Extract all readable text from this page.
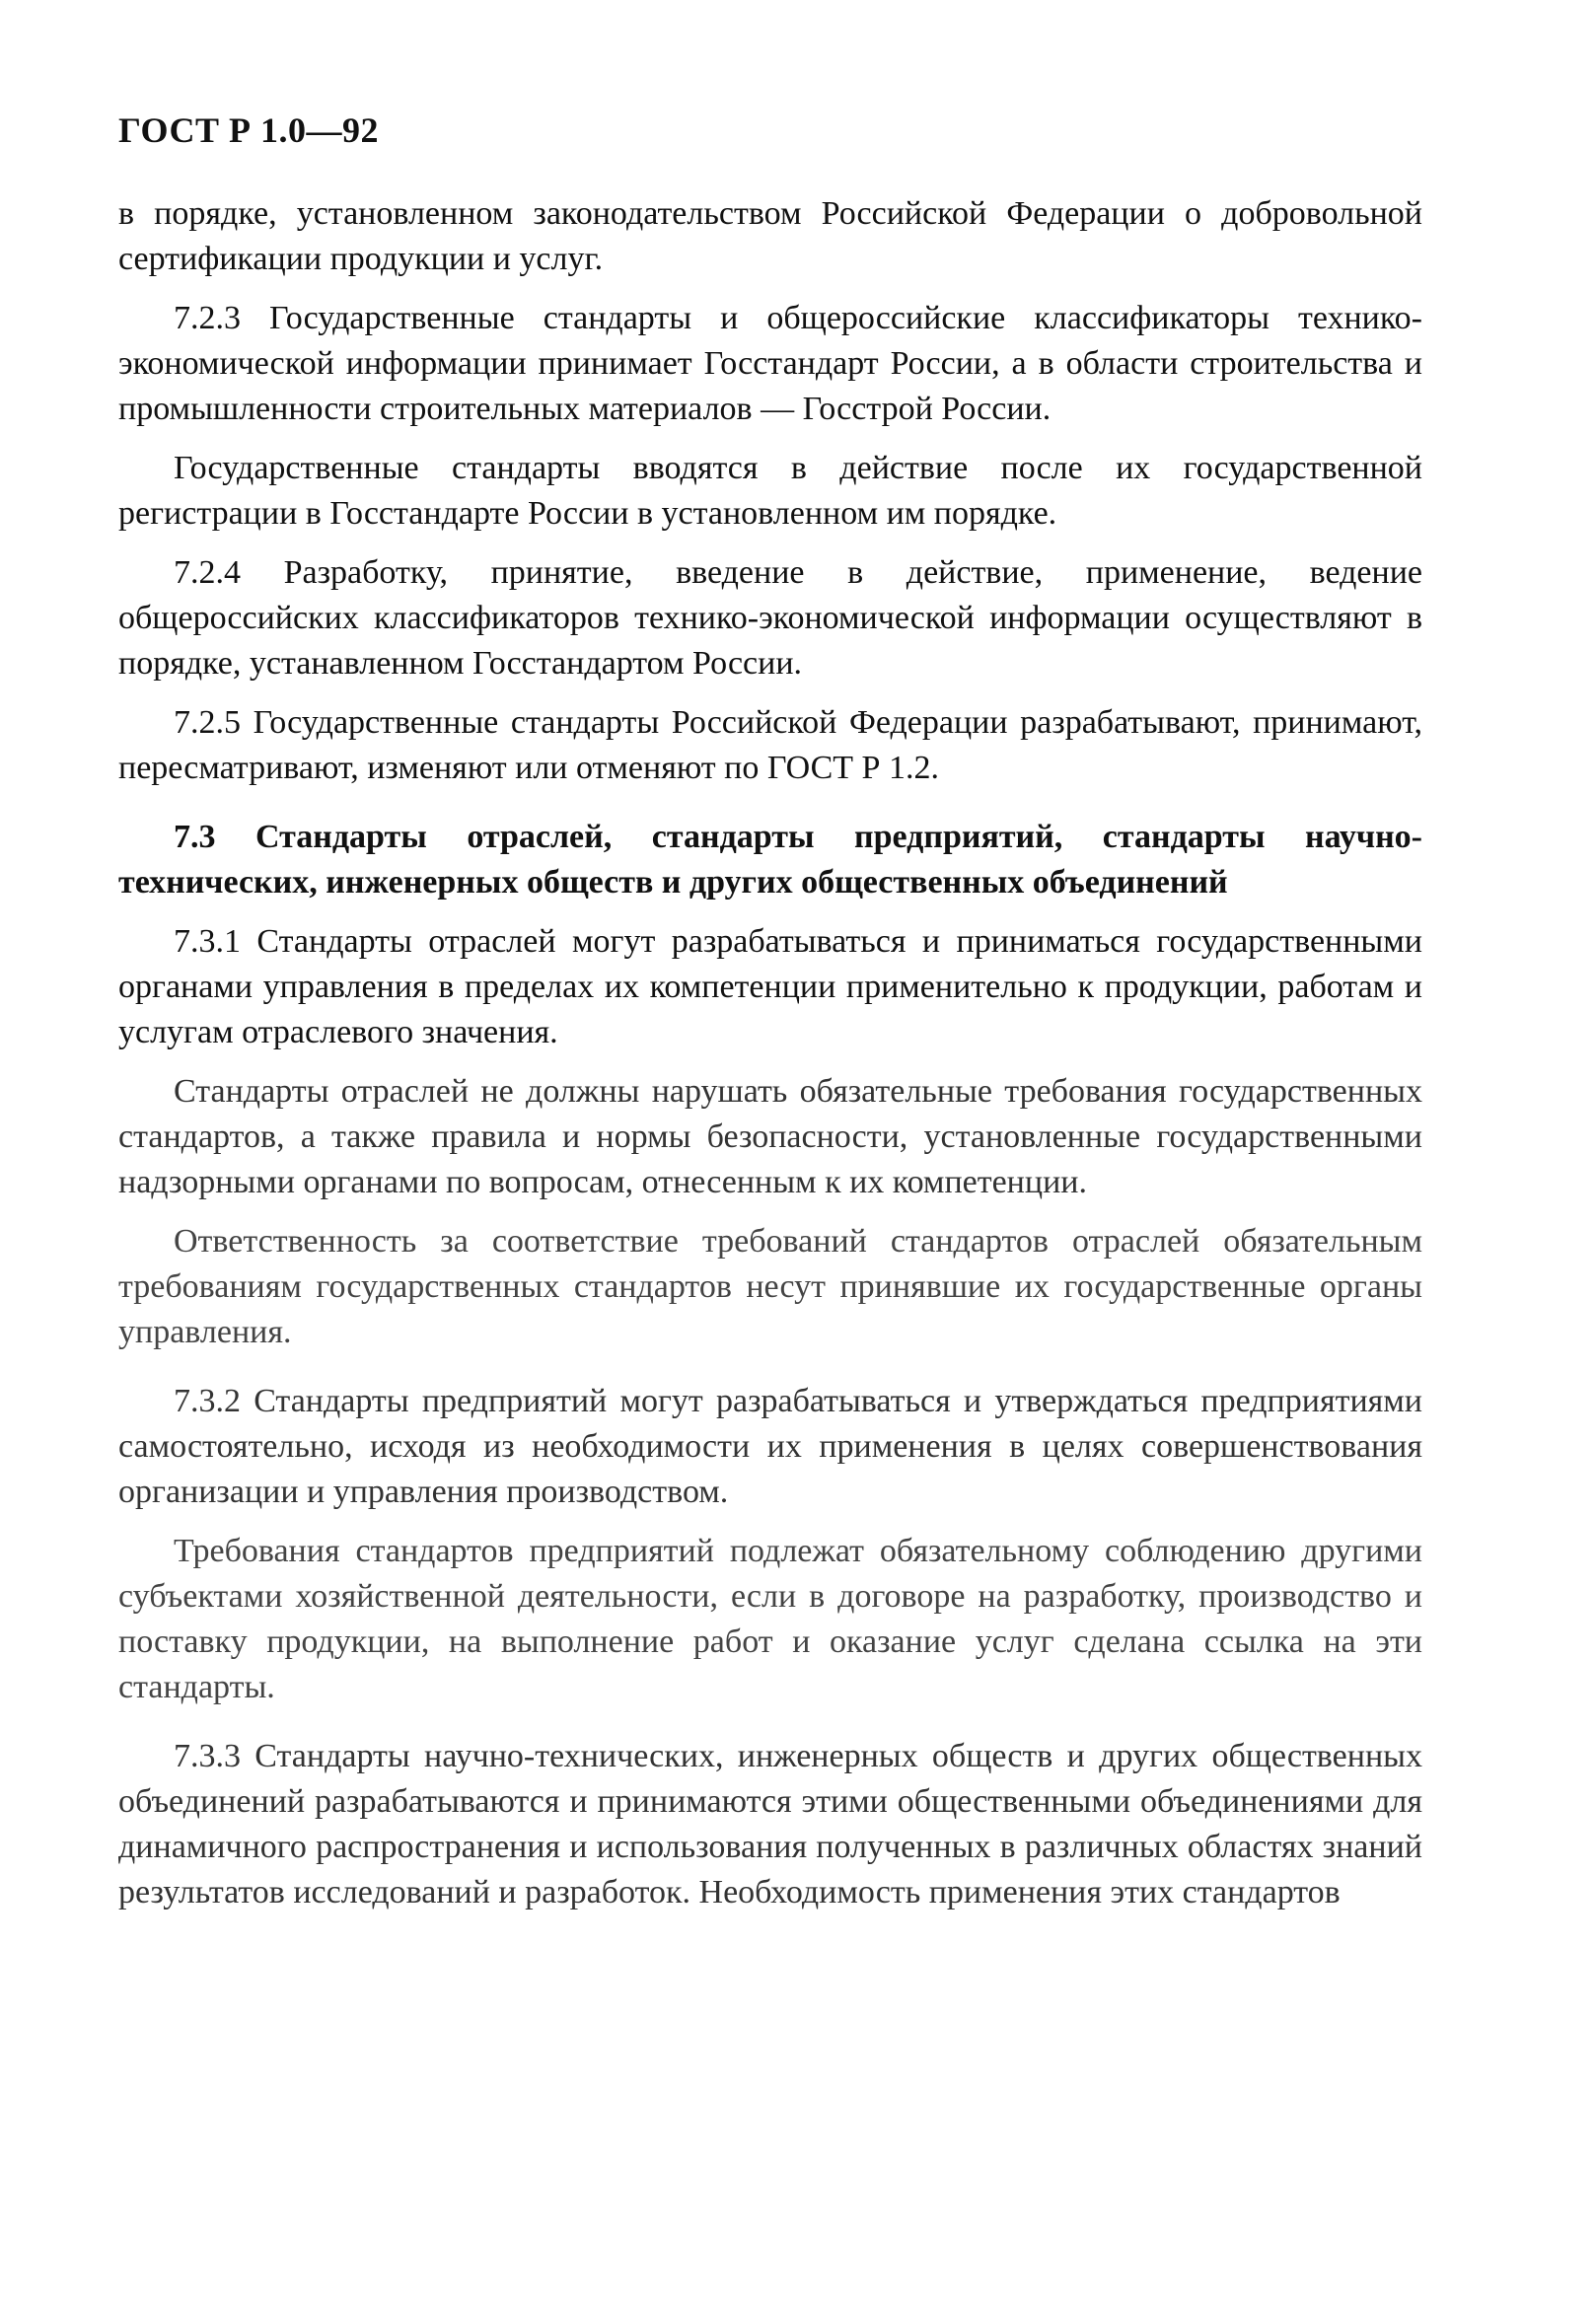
ГОСТ Р 1.0—92

в порядке, установленном законодательством Российской Федерации о добровольной сертификации продукции и услуг.

7.2.3 Государственные стандарты и общероссийские классификаторы технико-экономической информации принимает Госстандарт России, а в области строительства и промышленности строительных материалов — Госстрой России.

Государственные стандарты вводятся в действие после их государственной регистрации в Госстандарте России в установленном им порядке.

7.2.4 Разработку, принятие, введение в действие, применение, ведение общероссийских классификаторов технико-экономической информации осуществляют в порядке, устанавленном Госстандартом России.

7.2.5 Государственные стандарты Российской Федерации разрабатывают, принимают, пересматривают, изменяют или отменяют по ГОСТ Р 1.2.

7.3 Стандарты отраслей, стандарты предприятий, стандарты научно-технических, инженерных обществ и других общественных объединений

7.3.1 Стандарты отраслей могут разрабатываться и приниматься государственными органами управления в пределах их компетенции применительно к продукции, работам и услугам отраслевого значения.

Стандарты отраслей не должны нарушать обязательные требования государственных стандартов, а также правила и нормы безопасности, установленные государственными надзорными органами по вопросам, отнесенным к их компетенции.

Ответственность за соответствие требований стандартов отраслей обязательным требованиям государственных стандартов несут принявшие их государственные органы управления.

7.3.2 Стандарты предприятий могут разрабатываться и утверждаться предприятиями самостоятельно, исходя из необходимости их применения в целях совершенствования организации и управления производством.

Требования стандартов предприятий подлежат обязательному соблюдению другими субъектами хозяйственной деятельности, если в договоре на разработку, производство и поставку продукции, на выполнение работ и оказание услуг сделана ссылка на эти стандарты.

7.3.3 Стандарты научно-технических, инженерных обществ и других общественных объединений разрабатываются и принимаются этими общественными объединениями для динамичного распространения и использования полученных в различных областях знаний результатов исследований и разработок. Необходимость применения этих стандартов
